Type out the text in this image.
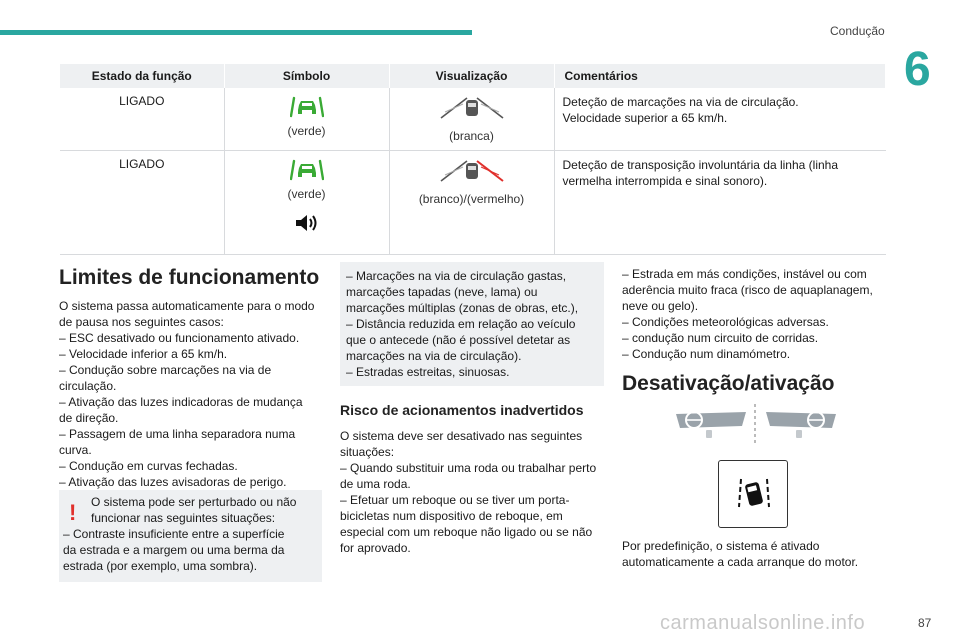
Condução
6
Estado da função	Símbolo	Visualização	Comentários
LIGADO	(verde)	(branca)	Deteção de marcações na via de circulação.
Velocidade superior a 65 km/h.

LIGADO	(verde)	(branco)/(vermelho)	Deteção de transposição involuntária da linha (linha
vermelha interrompida e sinal sonoro).
Limites de funcionamento
O sistema passa automaticamente para o modo
de pausa nos seguintes casos:
– ESC desativado ou funcionamento ativado.
– Velocidade inferior a 65 km/h.
– Condução sobre marcações na via de
circulação.
– Ativação das luzes indicadoras de mudança
de direção.
– Passagem de uma linha separadora numa
curva.
– Condução em curvas fechadas.
– Ativação das luzes avisadoras de perigo.
!	O sistema pode ser perturbado ou não
funcionar nas seguintes situações:
– Contraste insuficiente entre a superfície
da estrada e a margem ou uma berma da
estrada (por exemplo, uma sombra).
– Marcações na via de circulação gastas,
marcações tapadas (neve, lama) ou
marcações múltiplas (zonas de obras, etc.),
– Distância reduzida em relação ao veículo
que o antecede (não é possível detetar as
marcações na via de circulação).
– Estradas estreitas, sinuosas.
Risco de acionamentos inadvertidos
O sistema deve ser desativado nas seguintes
situações:
– Quando substituir uma roda ou trabalhar perto
de uma roda.
– Efetuar um reboque ou se tiver um porta-
bicicletas num dispositivo de reboque, em
especial com um reboque não ligado ou se não
for aprovado.
– Estrada em más condições, instável ou com
aderência muito fraca (risco de aquaplanagem,
neve ou gelo).
– Condições meteorológicas adversas.
– condução num circuito de corridas.
– Condução num dinamómetro.
Desativação/ativação
Por predefinição, o sistema é ativado
automaticamente a cada arranque do motor.
carmanualsonline.info	87
